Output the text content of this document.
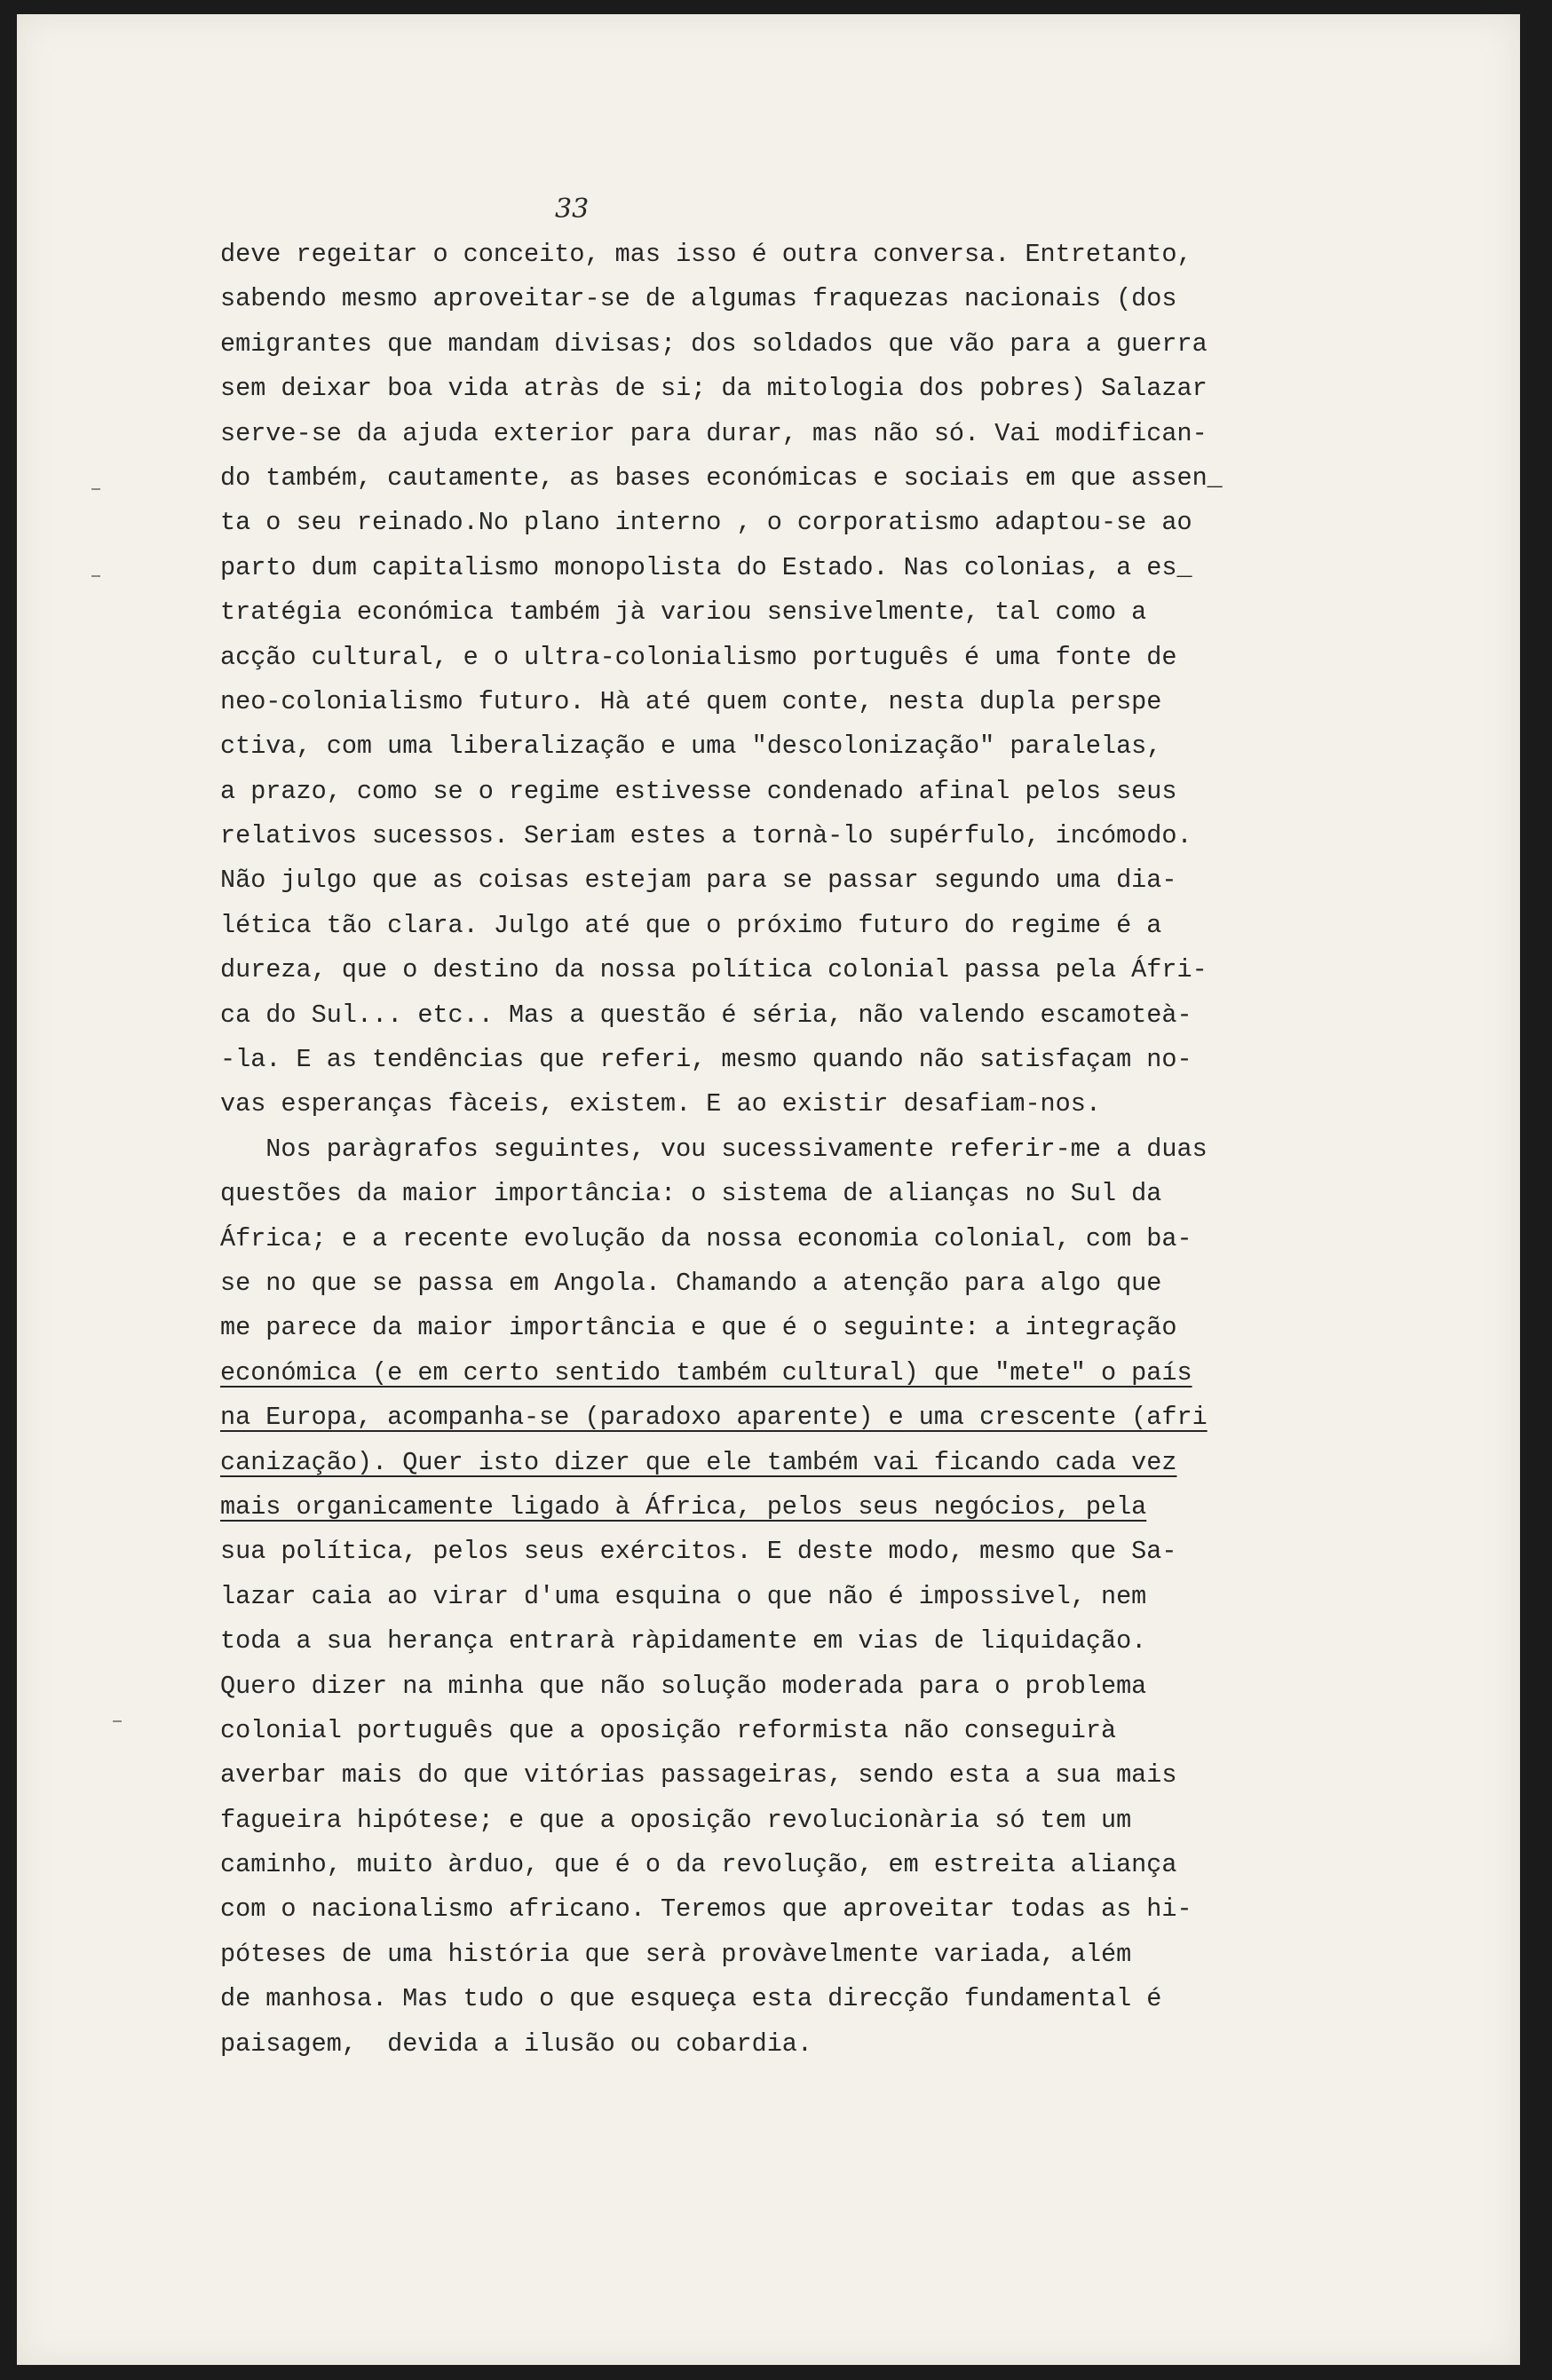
33
deve regeitar o conceito, mas isso é outra conversa. Entretanto,
sabendo mesmo aproveitar-se de algumas fraquezas nacionais (dos
emigrantes que mandam divisas; dos soldados que vão para a guerra
sem deixar boa vida atràs de si; da mitologia dos pobres) Salazar
serve-se da ajuda exterior para durar, mas não só. Vai modifican-
do também, cautamente, as bases económicas e sociais em que assen_
ta o seu reinado.No plano interno , o corporatismo adaptou-se ao
parto dum capitalismo monopolista do Estado. Nas colonias, a es_
tratégia económica também jà variou sensivelmente, tal como a
acção cultural, e o ultra-colonialismo português é uma fonte de
neo-colonialismo futuro. Hà até quem conte, nesta dupla perspe
ctiva, com uma liberalização e uma "descolonização" paralelas,
a prazo, como se o regime estivesse condenado afinal pelos seus
relativos sucessos. Seriam estes a tornà-lo supérfulo, incómodo.
Não julgo que as coisas estejam para se passar segundo uma dia-
lética tão clara. Julgo até que o próximo futuro do regime é a
dureza, que o destino da nossa política colonial passa pela Áfri-
ca do Sul... etc.. Mas a questão é séria, não valendo escamoteà-
-la. E as tendências que referi, mesmo quando não satisfaçam no-
vas esperanças fàceis, existem. E ao existir desafiam-nos.
Nos paràgrafos seguintes, vou sucessivamente referir-me a duas
questões da maior importância: o sistema de alianças no Sul da
África; e a recente evolução da nossa economia colonial, com ba-
se no que se passa em Angola. Chamando a atenção para algo que
me parece da maior importância e que é o seguinte: a integração
económica (e em certo sentido também cultural) que "mete" o país
na Europa, acompanha-se (paradoxo aparente) e uma crescente (afri
canização). Quer isto dizer que ele também vai ficando cada vez
mais organicamente ligado à África, pelos seus negócios, pela
sua política, pelos seus exércitos. E deste modo, mesmo que Sa-
lazar caia ao virar d'uma esquina o que não é impossivel, nem
toda a sua herança entrarà ràpidamente em vias de liquidação.
Quero dizer na minha que não solução moderada para o problema
colonial português que a oposição reformista não conseguirà
averbar mais do que vitórias passageiras, sendo esta a sua mais
fagueira hipótese; e que a oposição revolucionària só tem um
caminho, muito àrduo, que é o da revolução, em estreita aliança
com o nacionalismo africano. Teremos que aproveitar todas as hi-
póteses de uma história que serà provàvelmente variada, além
de manhosa. Mas tudo o que esqueça esta direcção fundamental é
paisagem,  devida a ilusão ou cobardia.
